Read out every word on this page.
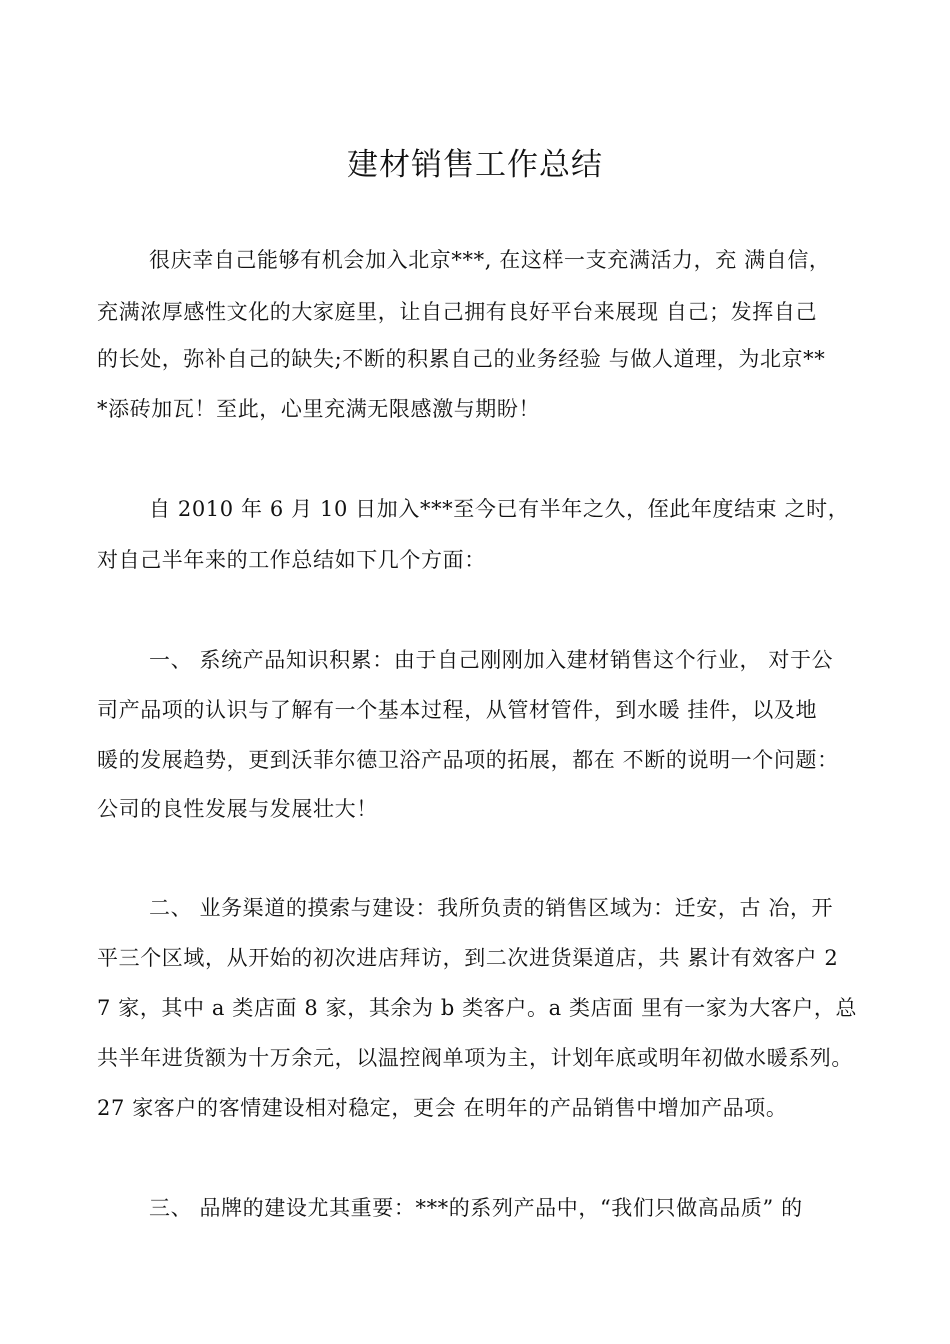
建材销售工作总结
很庆幸自己能够有机会加入北京***, 在这样一支充满活力，充 满自信，
充满浓厚感性文化的大家庭里，让自己拥有良好平台来展现 自己；发挥自己
的长处，弥补自己的缺失;不断的积累自己的业务经验 与做人道理，为北京**
*添砖加瓦！至此，心里充满无限感激与期盼！
自 2010 年 6 月 10 日加入***至今已有半年之久，侄此年度结束 之时，
对自己半年来的工作总结如下几个方面：
一、 系统产品知识积累：由于自己刚刚加入建材销售这个行业， 对于公
司产品项的认识与了解有一个基本过程，从管材管件，到水暖 挂件，以及地
暖的发展趋势，更到沃菲尔德卫浴产品项的拓展，都在 不断的说明一个问题：
公司的良性发展与发展壮大！
二、 业务渠道的摸索与建设：我所负责的销售区域为：迁安，古 冶，开
平三个区域，从开始的初次进店拜访，到二次进货渠道店，共 累计有效客户 2
7 家，其中 a 类店面 8 家，其余为 b 类客户。a 类店面 里有一家为大客户，总
共半年进货额为十万余元，以温控阀单项为主，计划年底或明年初做水暖系列。
27 家客户的客情建设相对稳定，更会 在明年的产品销售中增加产品项。
三、 品牌的建设尤其重要：***的系列产品中，“我们只做高品质” 的
